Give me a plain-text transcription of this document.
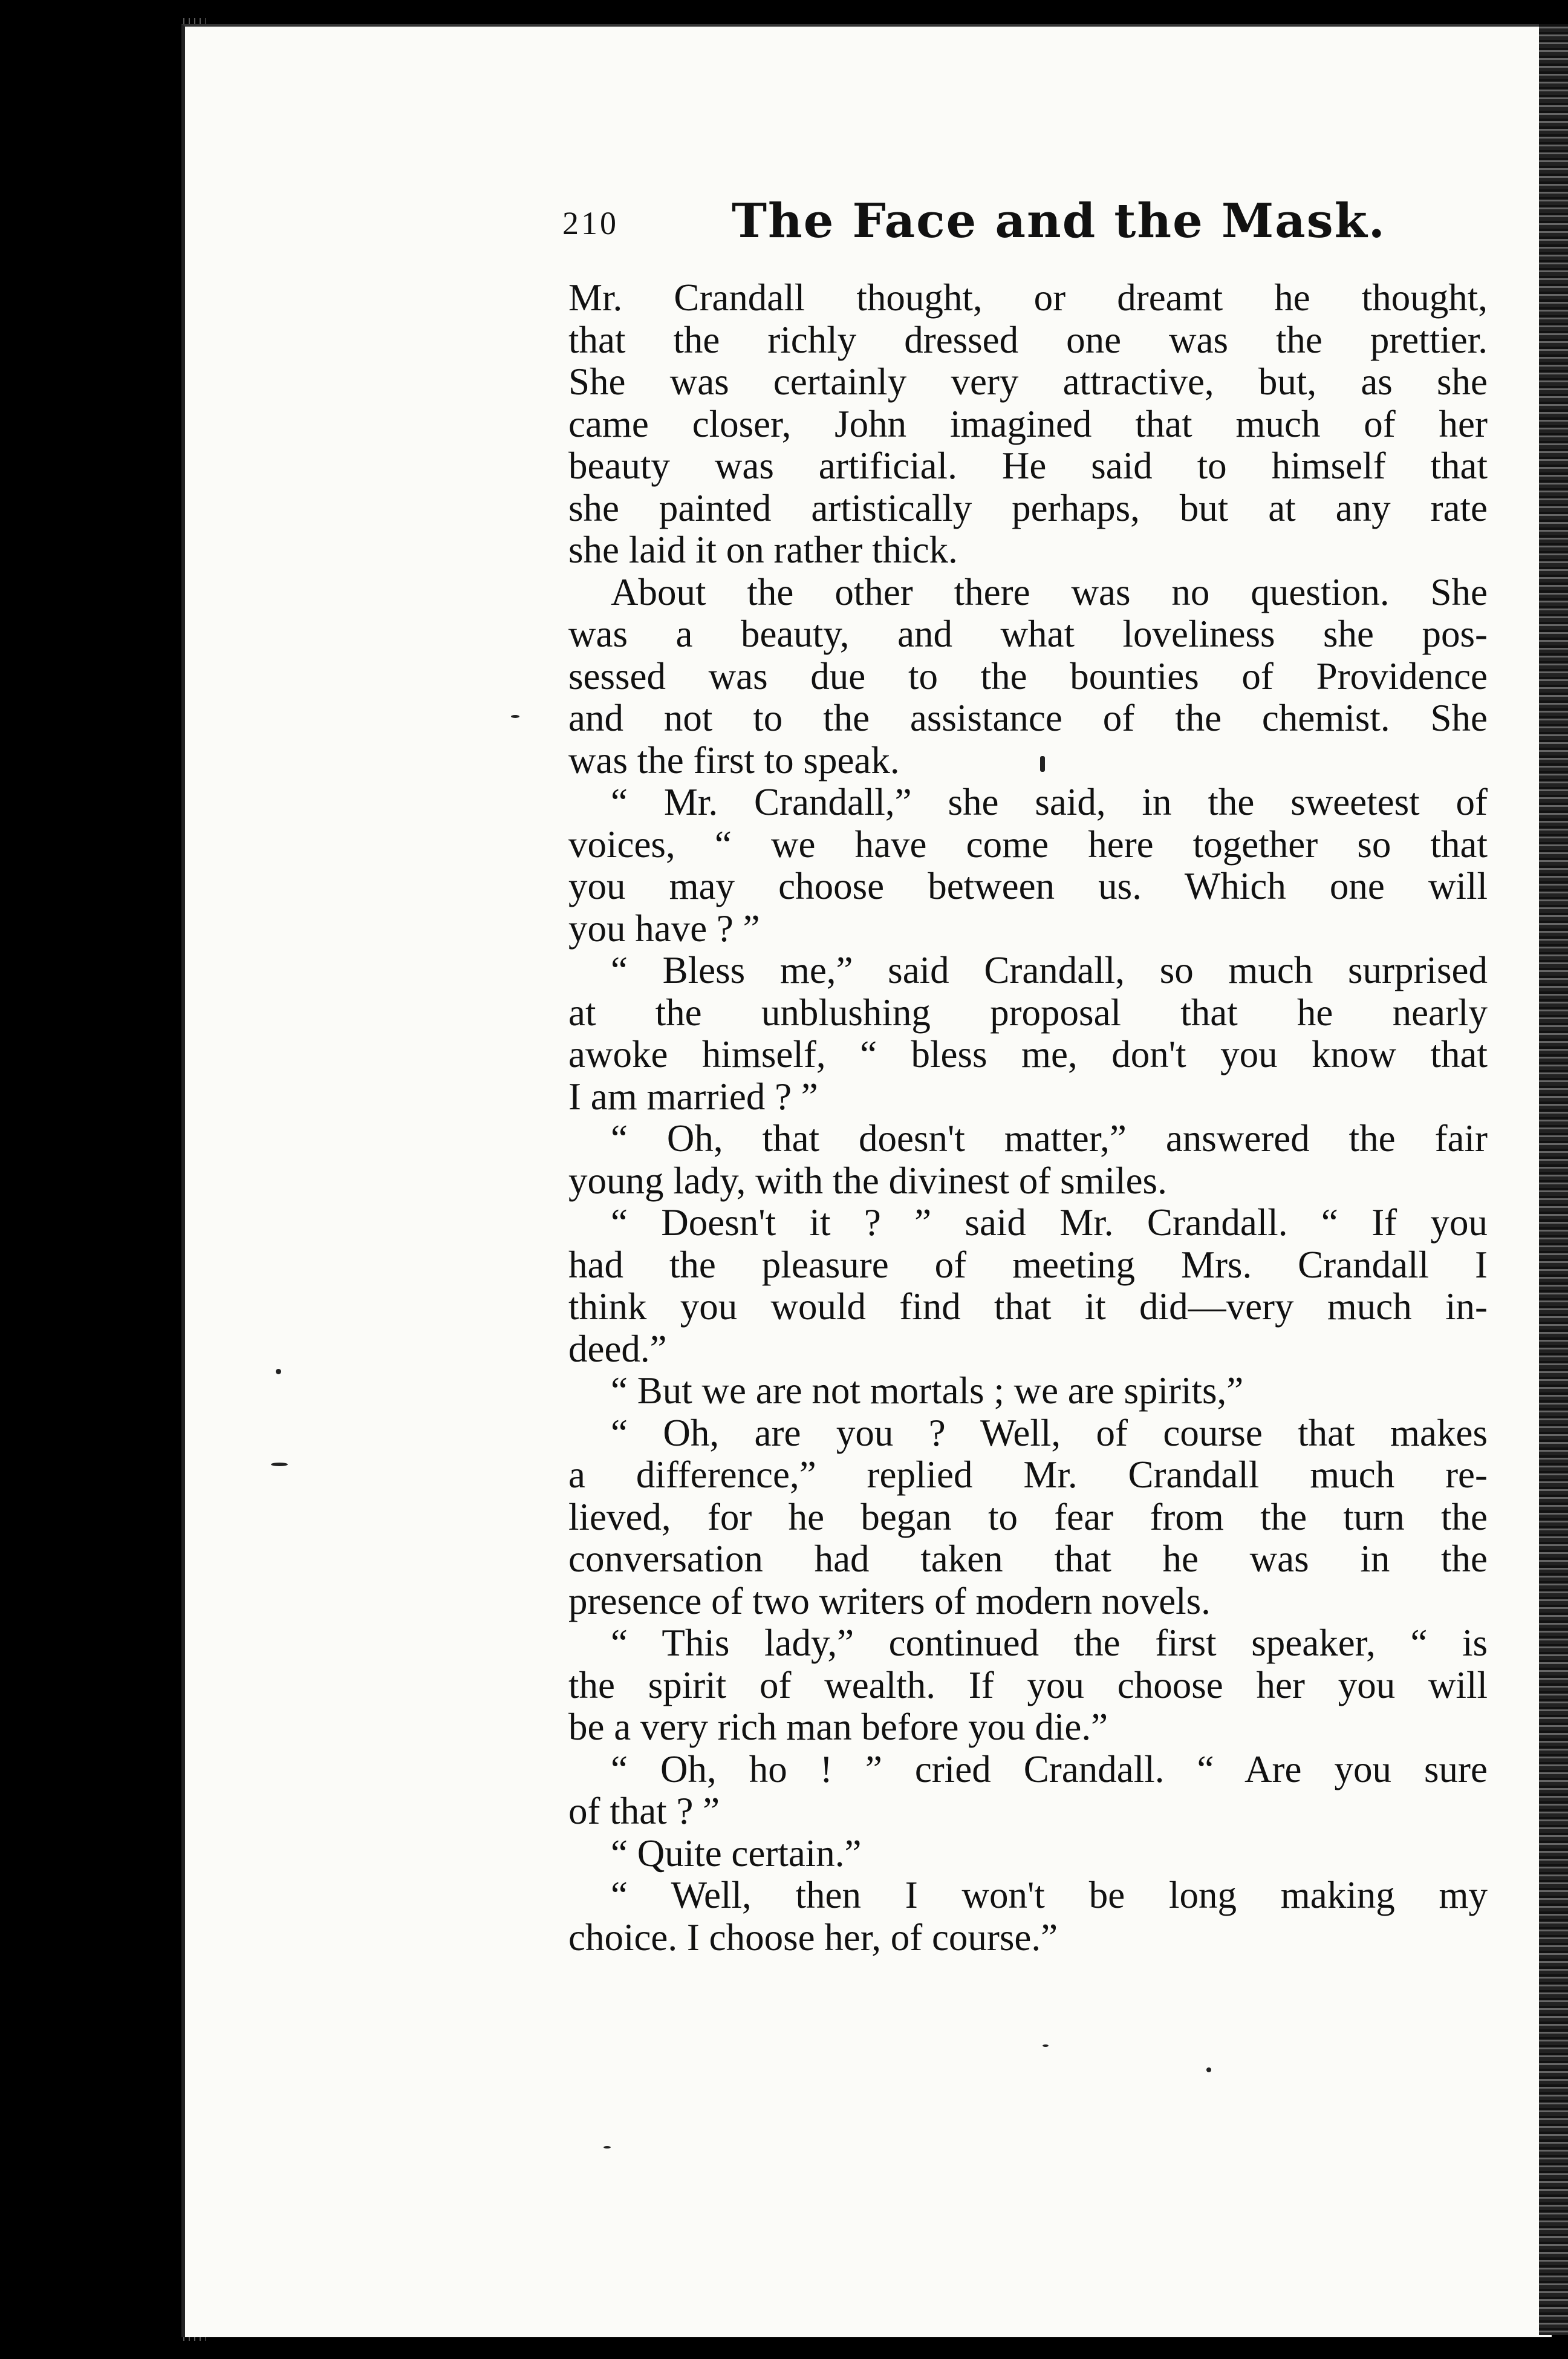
210 The Face and the Mask.
Mr. Crandall thought, or dreamt he thought,
that the richly dressed one was the prettier.
She was certainly very attractive, but, as she
came closer, John imagined that much of her
beauty was artificial. He said to himself that
she painted artistically perhaps, but at any rate
she laid it on rather thick.
About the other there was no question. She
was a beauty, and what loveliness she pos-
sessed was due to the bounties of Providence
and not to the assistance of the chemist. She
was the first to speak.
“ Mr. Crandall,” she said, in the sweetest of
voices, “ we have come here together so that
you may choose between us. Which one will
you have ? ”
“ Bless me,” said Crandall, so much surprised
at the unblushing proposal that he nearly
awoke himself, “ bless me, don't you know that
I am married ? ”
“ Oh, that doesn't matter,” answered the fair
young lady, with the divinest of smiles.
“ Doesn't it ? ” said Mr. Crandall. “ If you
had the pleasure of meeting Mrs. Crandall I
think you would find that it did—very much in-
deed.”
“ But we are not mortals ; we are spirits,”
“ Oh, are you ? Well, of course that makes
a difference,” replied Mr. Crandall much re-
lieved, for he began to fear from the turn the
conversation had taken that he was in the
presence of two writers of modern novels.
“ This lady,” continued the first speaker, “ is
the spirit of wealth. If you choose her you will
be a very rich man before you die.”
“ Oh, ho ! ” cried Crandall. “ Are you sure
of that ? ”
“ Quite certain.”
“ Well, then I won't be long making my
choice. I choose her, of course.”
